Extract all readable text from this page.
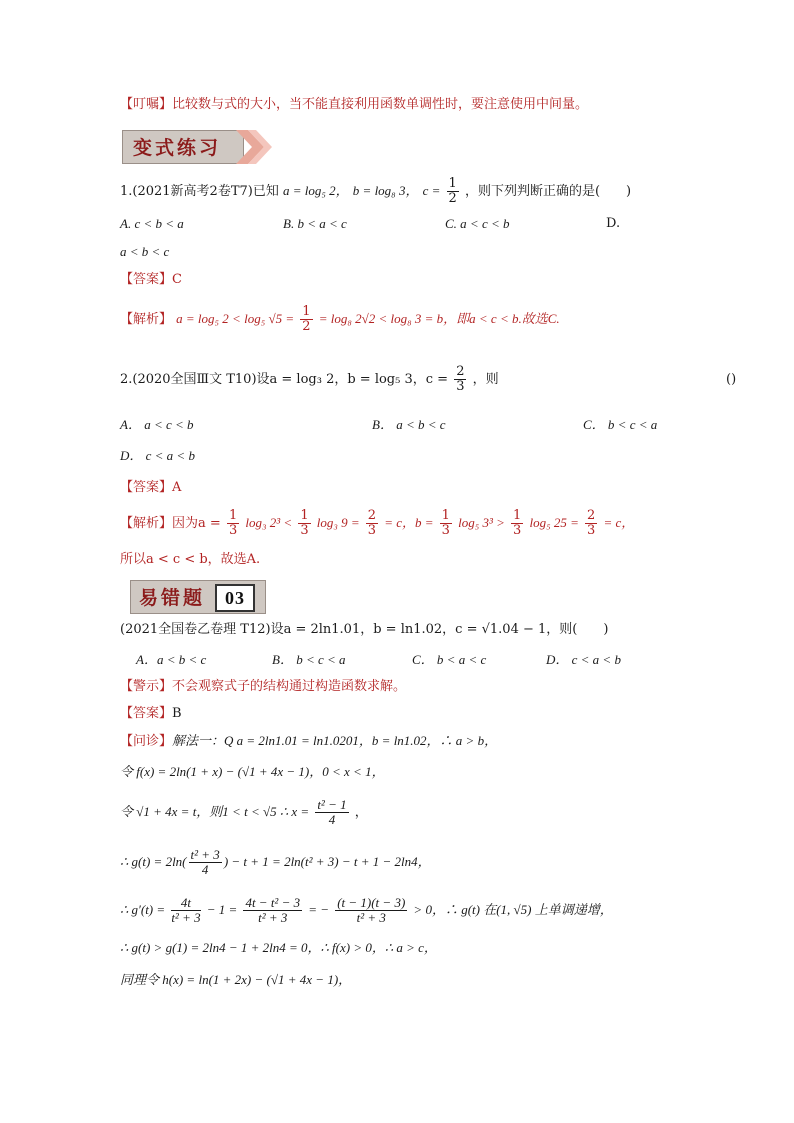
【叮嘱】比较数与式的大小，当不能直接利用函数单调性时，要注意使用中间量。
变式练习
1.(2021新高考2卷T7)已知 a = log₅ 2， b = log₈ 3， $c = \frac{1}{2}$ ，则下列判断正确的是(　　)
A. c < b < a	B. b < a < c	C. a < c < b	D.
a < b < c
【答案】C
【解析】 a = log₅ 2 < log₅ $√5 = \frac{1}{2} = \log_8$ 2√2 < log₈ 3 = b，即a < c < b.故选C.
2.(2020全国Ⅲ文 T10)设a = log₃ 2，b = log₅ 3，$c = \frac{2}{3}$ ，则	()
A． a < c < b	B． a < b < c	C． b < c < a
D． c < a < b
【答案】A
【解析】因为$a = \frac{1}{3} \log_3$ $2^3 < \frac{1}{3} \log_3$ $9 = \frac{2}{3} = c$，$b = \frac{1}{3} \log_5$ $3^3 > \frac{1}{3} \log_5$ $25 = \frac{2}{3} = c$，
所以a < c < b，故选A.
易错题 03
(2021全国卷乙卷理 T12)设a = 2ln1.01，b = ln1.02，c = √1.04 − 1，则(　　)
A．a < b < c	B． b < c < a	C． b < a < c	D． c < a < b
【警示】不会观察式子的结构通过构造函数求解。
【答案】B
【问诊】解法一：Q a = 2ln1.01 = ln1.0201，b = ln1.02，∴ a > b，
令 f(x) = 2ln(1 + x) − (√1 + 4x − 1)，0 < x < 1，
令 √1 + 4x = t，则1 < t < √5 ∴ $x = \frac{\text{t² − 1}}{4}$ ，
∴ $g(t) = 2\ln( \frac{\text{t² + 3}}{4}$ ) − t + 1 = 2ln(t² + 3) − t + 1 − 2ln4，
∴ $g'(t) = \frac{4t}{\text{t² + 3}} - 1 = \frac{\text{4t − t² − 3}}{\text{t² + 3}}$ = − $\frac{(t - 1)(t - 3)}{\text{t² + 3}} > 0$，∴ g(t) 在(1, √5) 上单调递增，
∴ g(t) > g(1) = 2ln4 − 1 + 2ln4 = 0，∴ f(x) > 0，∴ a > c，
同理令 h(x) = ln(1 + 2x) − (√1 + 4x − 1)，
